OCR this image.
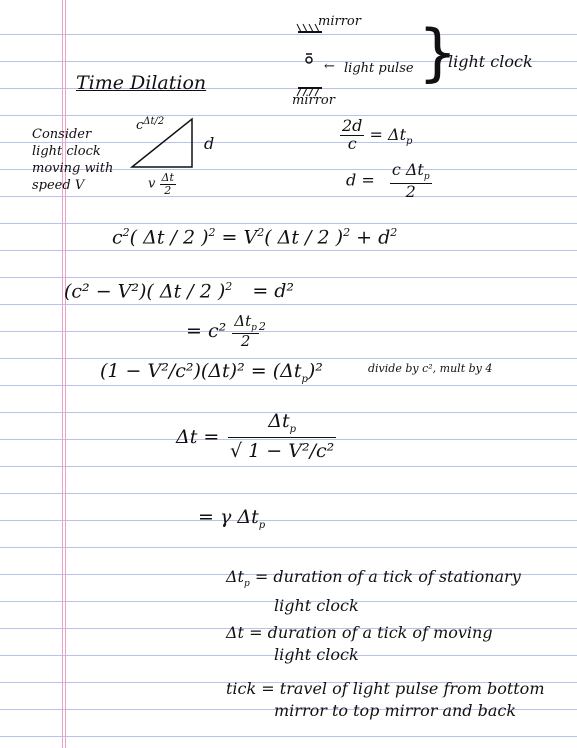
Time Dilation
mirror
mirror
← light pulse }
light clock
Consider
light clock
moving with
speed V
$c^{\Delta t/2}$
d
v $\frac{\Delta t}{2}$
$\frac{2d}{c} = \Delta t_p$
$d = \frac{c \Delta t_p}{2}$
$c^2$( Δt / 2 )$^2 = V^2$( Δt / 2 )$^2 + d^2$
(c² − V²)( Δt / 2 )$^2$ = d²
= $c^2 \frac{\Delta t_p}{2} ^2$
$(1 - V^2/c^2)(\Delta t)^2 = (\Delta t_p)^2$	divide by c², mult by 4
$\Delta t = \frac{\Delta t_p}{\text{√ 1 − V²/c²}}$
= γ $\Delta t_p$
$\Delta t_p$ = duration of a tick of stationary
light clock
Δt = duration of a tick of moving
light clock
tick = travel of light pulse from bottom
mirror to top mirror and back
